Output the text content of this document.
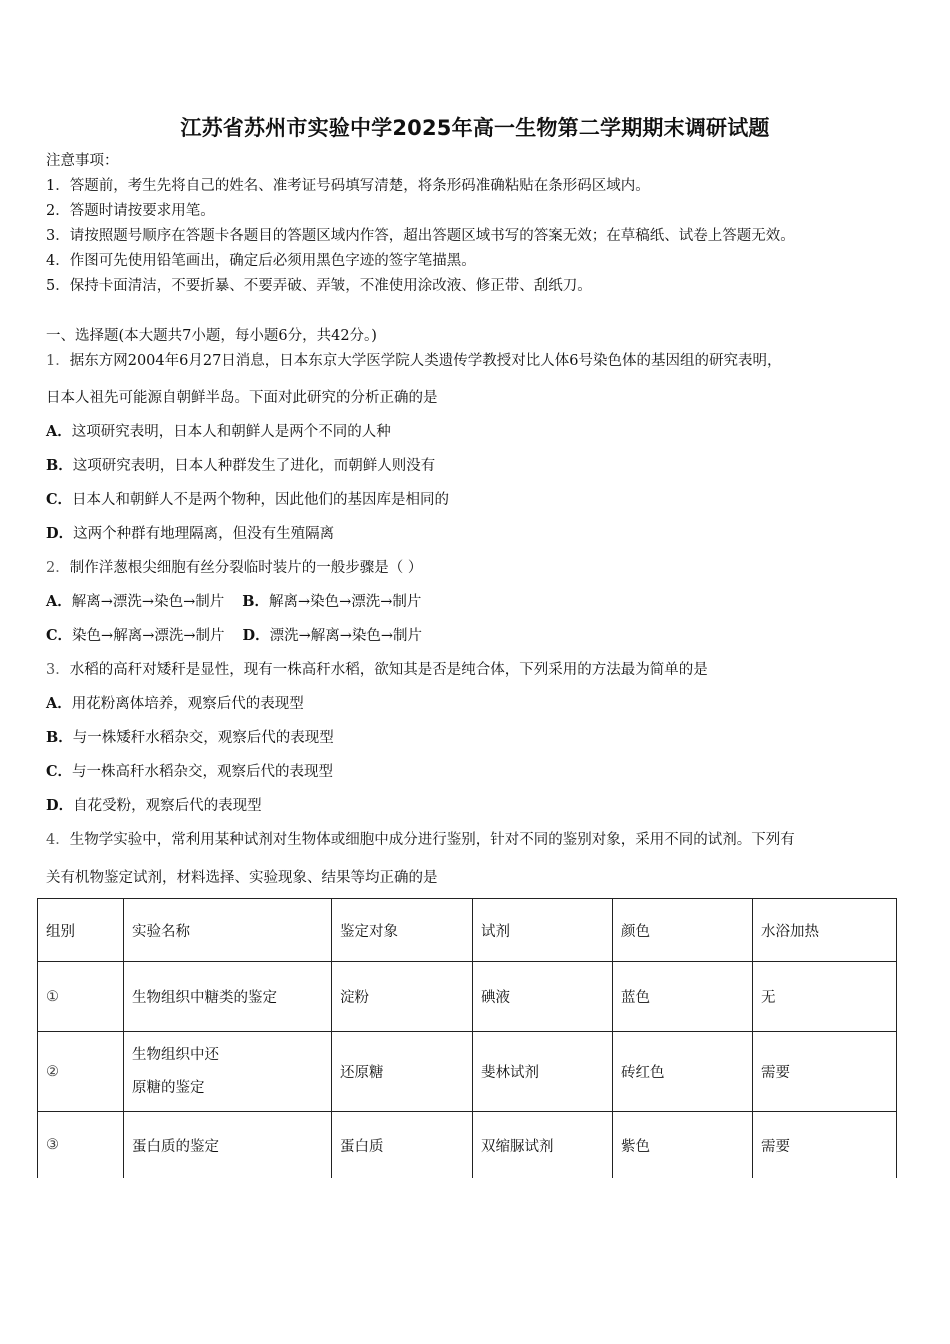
江苏省苏州市实验中学2025年高一生物第二学期期末调研试题
注意事项：
1．答题前，考生先将自己的姓名、准考证号码填写清楚，将条形码准确粘贴在条形码区域内。
2．答题时请按要求用笔。
3．请按照题号顺序在答题卡各题目的答题区域内作答，超出答题区域书写的答案无效；在草稿纸、试卷上答题无效。
4．作图可先使用铅笔画出，确定后必须用黑色字迹的签字笔描黑。
5．保持卡面清洁，不要折暴、不要弄破、弄皱，不准使用涂改液、修正带、刮纸刀。
一、选择题(本大题共7小题，每小题6分，共42分。)
1．据东方网2004年6月27日消息，日本东京大学医学院人类遗传学教授对比人体6号染色体的基因组的研究表明，
日本人祖先可能源自朝鲜半岛。下面对此研究的分析正确的是
A．这项研究表明，日本人和朝鲜人是两个不同的人种
B．这项研究表明，日本人种群发生了进化，而朝鲜人则没有
C．日本人和朝鲜人不是两个物种，因此他们的基因库是相同的
D．这两个种群有地理隔离，但没有生殖隔离
2．制作洋葱根尖细胞有丝分裂临时装片的一般步骤是（ ）
A．解离→漂洗→染色→制片 B．解离→染色→漂洗→制片
C．染色→解离→漂洗→制片 D．漂洗→解离→染色→制片
3．水稻的高秆对矮秆是显性，现有一株高秆水稻，欲知其是否是纯合体，下列采用的方法最为简单的是
A．用花粉离体培养，观察后代的表现型
B．与一株矮秆水稻杂交，观察后代的表现型
C．与一株高秆水稻杂交，观察后代的表现型
D．自花受粉，观察后代的表现型
4．生物学实验中，常利用某种试剂对生物体或细胞中成分进行鉴别，针对不同的鉴别对象，采用不同的试剂。下列有
关有机物鉴定试剂，材料选择、实验现象、结果等均正确的是
组别	实验名称	鉴定对象	试剂	颜色	水浴加热
①	生物组织中糖类的鉴定	淀粉	碘液	蓝色	无
②	生物组织中还
原糖的鉴定	还原糖	斐林试剂	砖红色	需要
③	蛋白质的鉴定	蛋白质	双缩脲试剂	紫色	需要
